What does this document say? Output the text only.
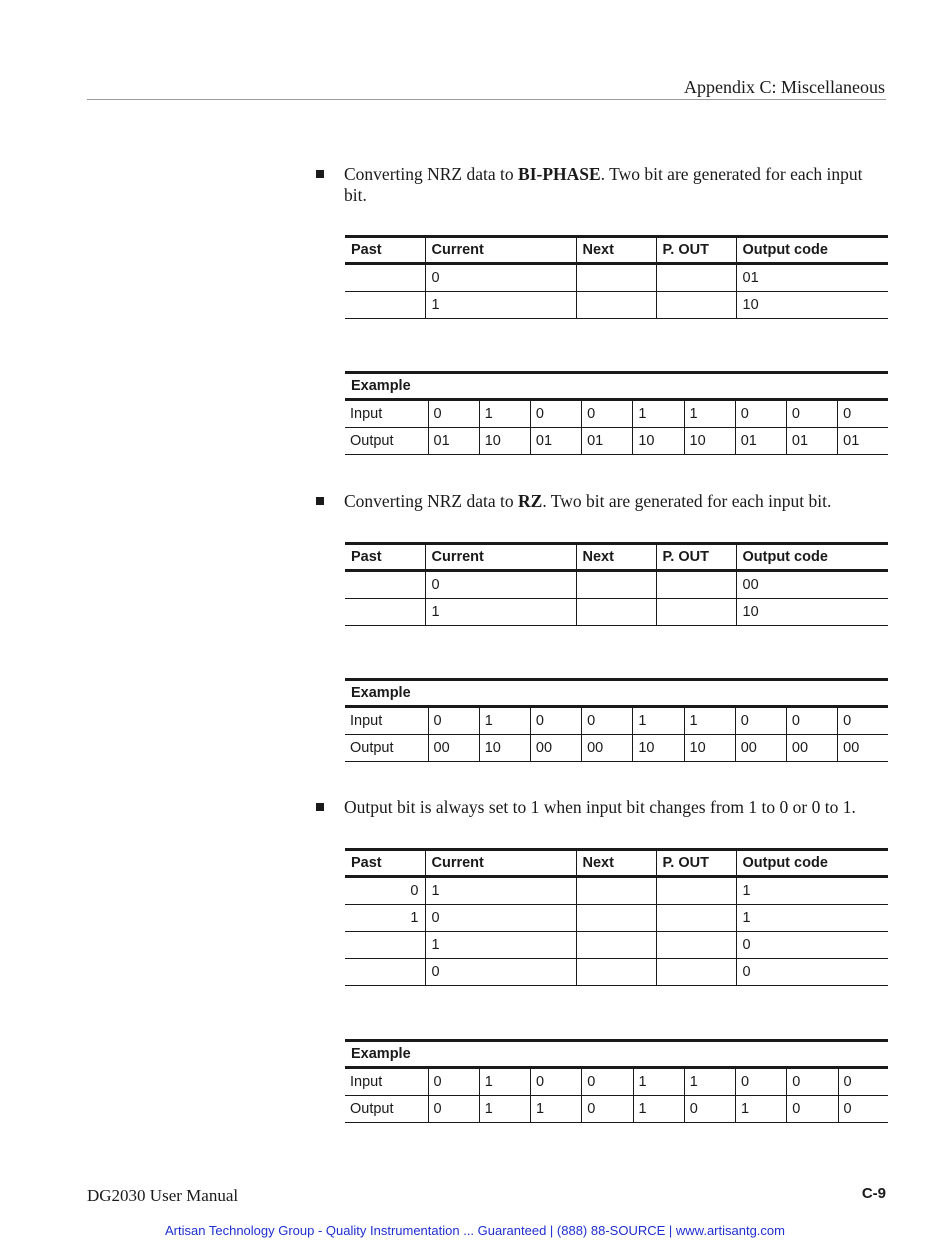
Appendix C: Miscellaneous
Converting NRZ data to BI-PHASE. Two bit are generated for each input bit.
Past	Current	Next	P. OUT	Output code
	0			01
	1			10
Example									
Input	0	1	0	0	1	1	0	0	0
Output	01	10	01	01	10	10	01	01	01
Converting NRZ data to RZ. Two bit are generated for each input bit.
Past	Current	Next	P. OUT	Output code
	0			00
	1			10
Example									
Input	0	1	0	0	1	1	0	0	0
Output	00	10	00	00	10	10	00	00	00
Output bit is always set to 1 when input bit changes from 1 to 0 or 0 to 1.
Past	Current	Next	P. OUT	Output code
0	1			1
1	0			1
	1			0
	0			0
Example									
Input	0	1	0	0	1	1	0	0	0
Output	0	1	1	0	1	0	1	0	0
DG2030 User Manual	C-9
Artisan Technology Group - Quality Instrumentation ... Guaranteed | (888) 88-SOURCE | www.artisantg.com
